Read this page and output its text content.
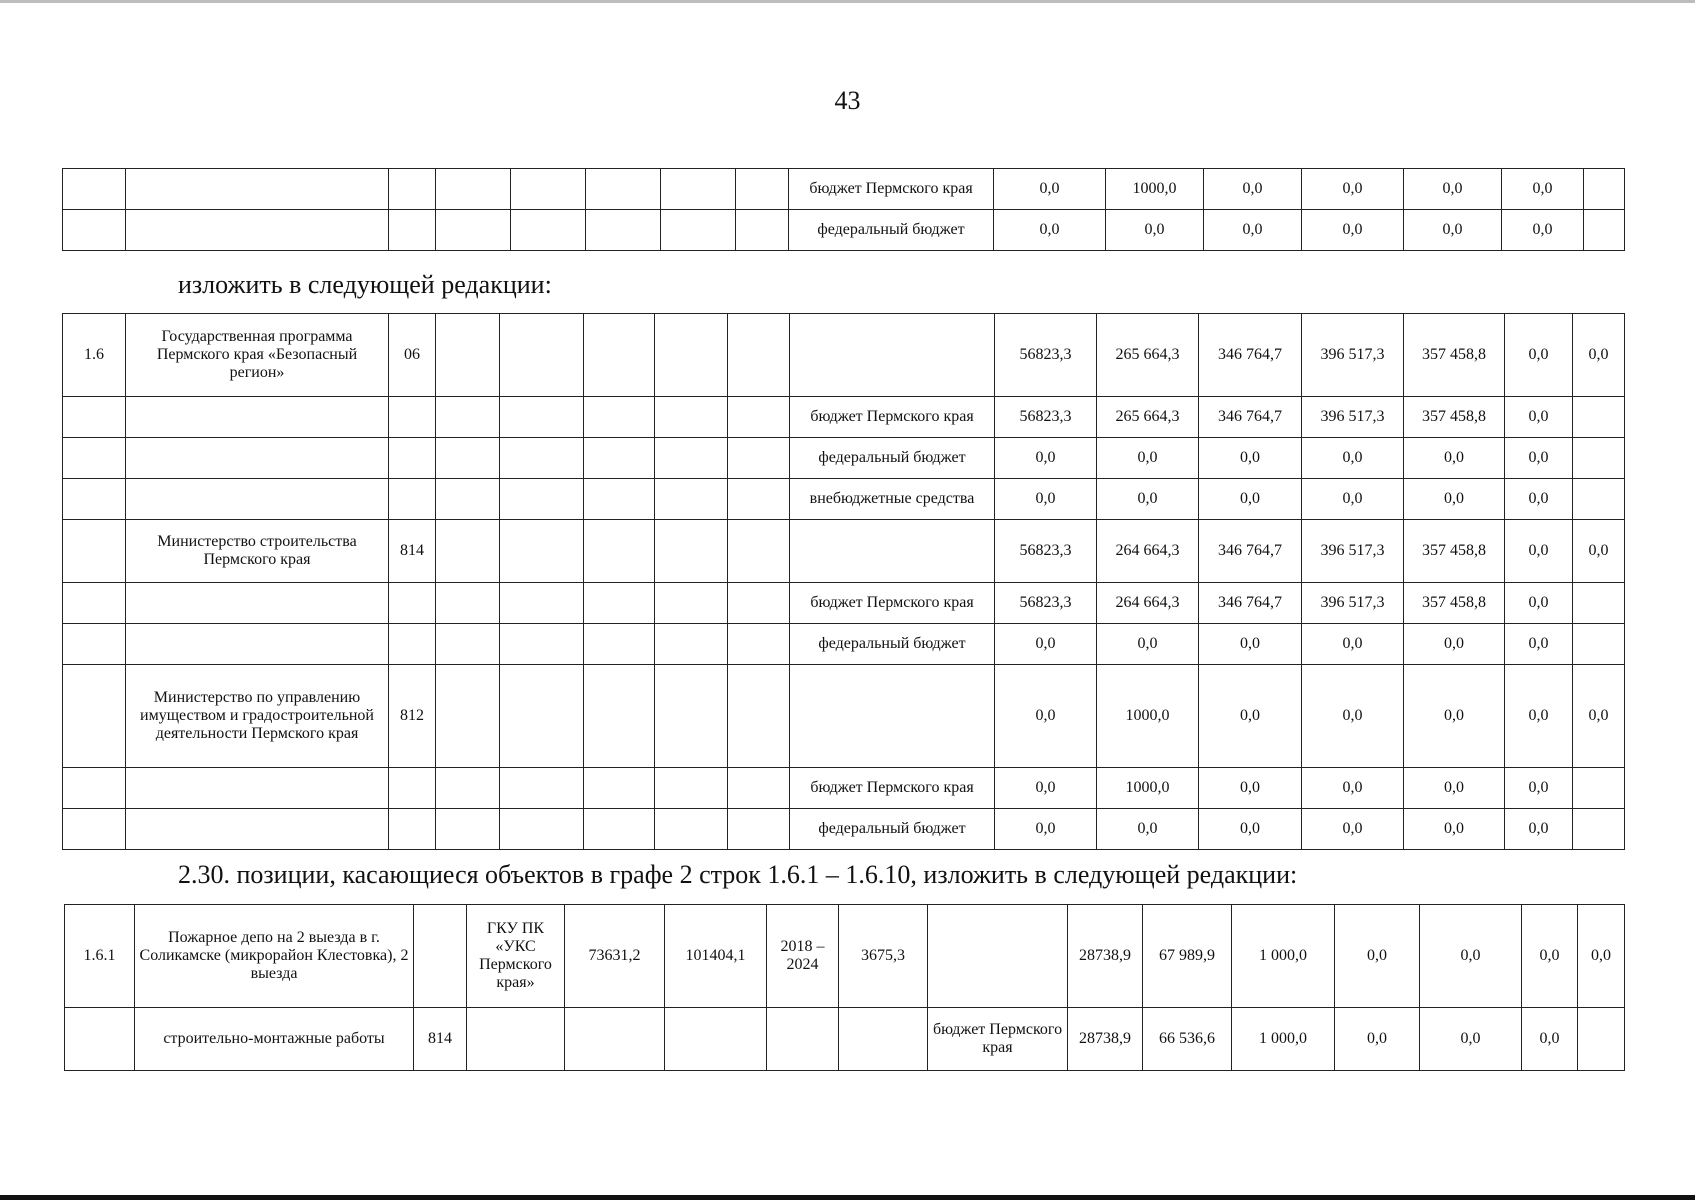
43
								бюджет Пермского края	0,0	1000,0	0,0	0,0	0,0	0,0	
								федеральный бюджет	0,0	0,0	0,0	0,0	0,0	0,0	
изложить в следующей редакции:
1.6	Государственная программа Пермского края «Безопасный регион»	06							56823,3	265 664,3	346 764,7	396 517,3	357 458,8	0,0	0,0
								бюджет Пермского края	56823,3	265 664,3	346 764,7	396 517,3	357 458,8	0,0	
								федеральный бюджет	0,0	0,0	0,0	0,0	0,0	0,0	
								внебюджетные средства	0,0	0,0	0,0	0,0	0,0	0,0	
	Министерство строительства Пермского края	814							56823,3	264 664,3	346 764,7	396 517,3	357 458,8	0,0	0,0
								бюджет Пермского края	56823,3	264 664,3	346 764,7	396 517,3	357 458,8	0,0	
								федеральный бюджет	0,0	0,0	0,0	0,0	0,0	0,0	
	Министерство по управлению имуществом и градостроительной деятельности Пермского края	812							0,0	1000,0	0,0	0,0	0,0	0,0	0,0
								бюджет Пермского края	0,0	1000,0	0,0	0,0	0,0	0,0	
								федеральный бюджет	0,0	0,0	0,0	0,0	0,0	0,0	
2.30. позиции, касающиеся объектов в графе 2 строк 1.6.1 – 1.6.10, изложить в следующей редакции:
1.6.1	Пожарное депо на 2 выезда в г. Соликамске (микрорайон Клестовка), 2 выезда		ГКУ ПК «УКС Пермского края»	73631,2	101404,1	2018 – 2024	3675,3		28738,9	67 989,9	1 000,0	0,0	0,0	0,0	0,0
	строительно-монтажные работы	814						бюджет Пермского края	28738,9	66 536,6	1 000,0	0,0	0,0	0,0	
